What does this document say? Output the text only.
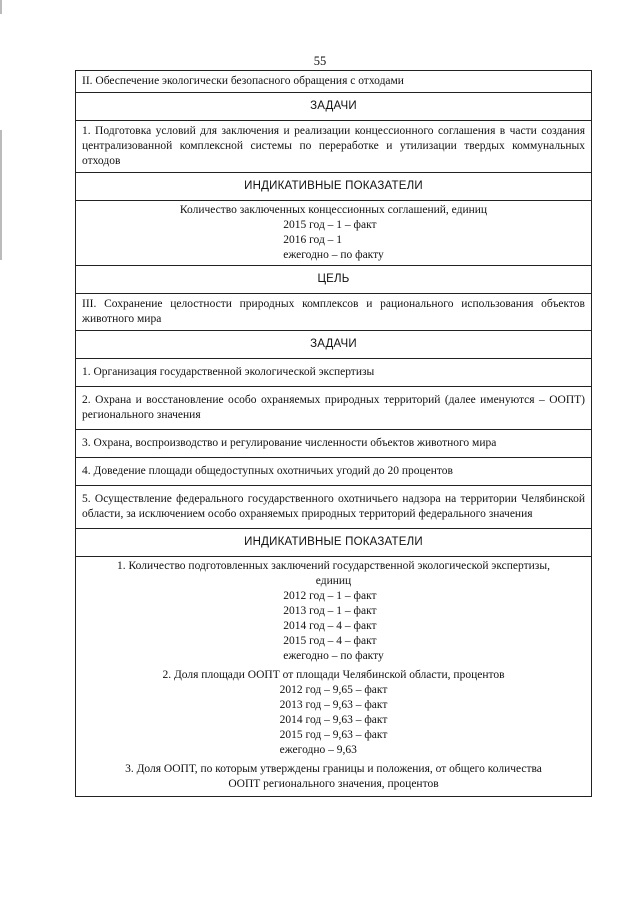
55
II. Обеспечение экологически безопасного обращения с отходами
ЗАДАЧИ
1. Подготовка условий для заключения и реализации концессионного соглашения в части создания централизованной комплексной системы по переработке и утилизации твердых коммунальных отходов
ИНДИКАТИВНЫЕ ПОКАЗАТЕЛИ
Количество заключенных концессионных соглашений, единиц
2015 год – 1 – факт
2016 год – 1
ежегодно – по факту
ЦЕЛЬ
III. Сохранение целостности природных комплексов и рационального использования объектов животного мира
ЗАДАЧИ
1. Организация государственной экологической экспертизы
2. Охрана и восстановление особо охраняемых природных территорий (далее именуются – ООПТ) регионального значения
3. Охрана, воспроизводство и регулирование численности объектов животного мира
4. Доведение площади общедоступных охотничьих угодий до 20 процентов
5. Осуществление федерального государственного охотничьего надзора на территории Челябинской области, за исключением особо охраняемых природных территорий федерального значения
ИНДИКАТИВНЫЕ ПОКАЗАТЕЛИ
1. Количество подготовленных заключений государственной экологической экспертизы, единиц
2012 год – 1 – факт
2013 год – 1 – факт
2014 год – 4 – факт
2015 год – 4 – факт
ежегодно – по факту
2. Доля площади ООПТ от площади Челябинской области, процентов
2012 год – 9,65 – факт
2013 год – 9,63 – факт
2014 год – 9,63 – факт
2015 год – 9,63 – факт
ежегодно – 9,63
3. Доля ООПТ, по которым утверждены границы и положения, от общего количества ООПТ регионального значения, процентов
